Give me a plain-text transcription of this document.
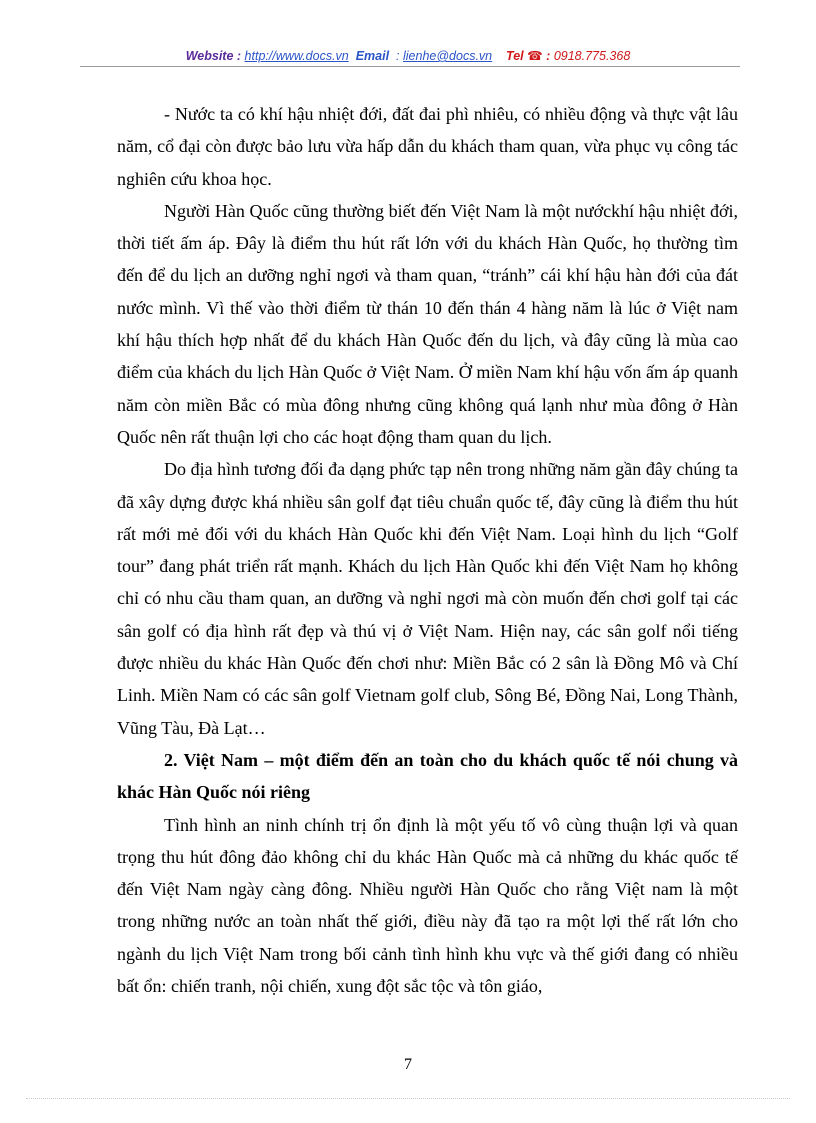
Website : http://www.docs.vn Email : lienhe@docs.vn Tel ☎ : 0918.775.368

- Nước ta có khí hậu nhiệt đới, đất đai phì nhiêu, có nhiều động và thực vật lâu năm, cổ đại còn được bảo lưu vừa hấp dẫn du khách tham quan, vừa phục vụ công tác nghiên cứu khoa học.

Người Hàn Quốc cũng thường biết đến Việt Nam là một nướckhí hậu nhiệt đới, thời tiết ấm áp. Đây là điểm thu hút rất lớn với du khách Hàn Quốc, họ thường tìm đến để du lịch an dưỡng nghỉ ngơi và tham quan, “tránh” cái khí hậu hàn đới của đát nước mình. Vì thế vào thời điểm từ thán 10 đến thán 4 hàng năm là lúc ở Việt nam khí hậu thích hợp nhất để du khách Hàn Quốc đến du lịch, và đây cũng là mùa cao điểm của khách du lịch Hàn Quốc ở Việt Nam. Ở miền Nam khí hậu vốn ấm áp quanh năm còn miền Bắc có mùa đông nhưng cũng không quá lạnh như mùa đông ở Hàn Quốc nên rất thuận lợi cho các hoạt động tham quan du lịch.

Do địa hình tương đối đa dạng phức tạp nên trong những năm gần đây chúng ta đã xây dựng được khá nhiều sân golf đạt tiêu chuẩn quốc tế, đây cũng là điểm thu hút rất mới mẻ đối với du khách Hàn Quốc khi đến Việt Nam. Loại hình du lịch “Golf tour” đang phát triển rất mạnh. Khách du lịch Hàn Quốc khi đến Việt Nam họ không chỉ có nhu cầu tham quan, an dưỡng và nghỉ ngơi mà còn muốn đến chơi golf tại các sân golf có địa hình rất đẹp và thú vị ở Việt Nam. Hiện nay, các sân golf nổi tiếng được nhiều du khác Hàn Quốc đến chơi như: Miền Bắc có 2 sân là Đồng Mô và Chí Linh. Miền Nam có các sân golf Vietnam golf club, Sông Bé, Đồng Nai, Long Thành, Vũng Tàu, Đà Lạt…

2. Việt Nam – một điểm đến an toàn cho du khách quốc tế nói chung và khác Hàn Quốc nói riêng

Tình hình an ninh chính trị ổn định là một yếu tố vô cùng thuận lợi và quan trọng thu hút đông đảo không chỉ du khác Hàn Quốc mà cả những du khác quốc tế đến Việt Nam ngày càng đông. Nhiều người Hàn Quốc cho rằng Việt nam là một trong những nước an toàn nhất thế giới, điều này đã tạo ra một lợi thế rất lớn cho ngành du lịch Việt Nam trong bối cảnh tình hình khu vực và thế giới đang có nhiều bất ổn: chiến tranh, nội chiến, xung đột sắc tộc và tôn giáo,

7
